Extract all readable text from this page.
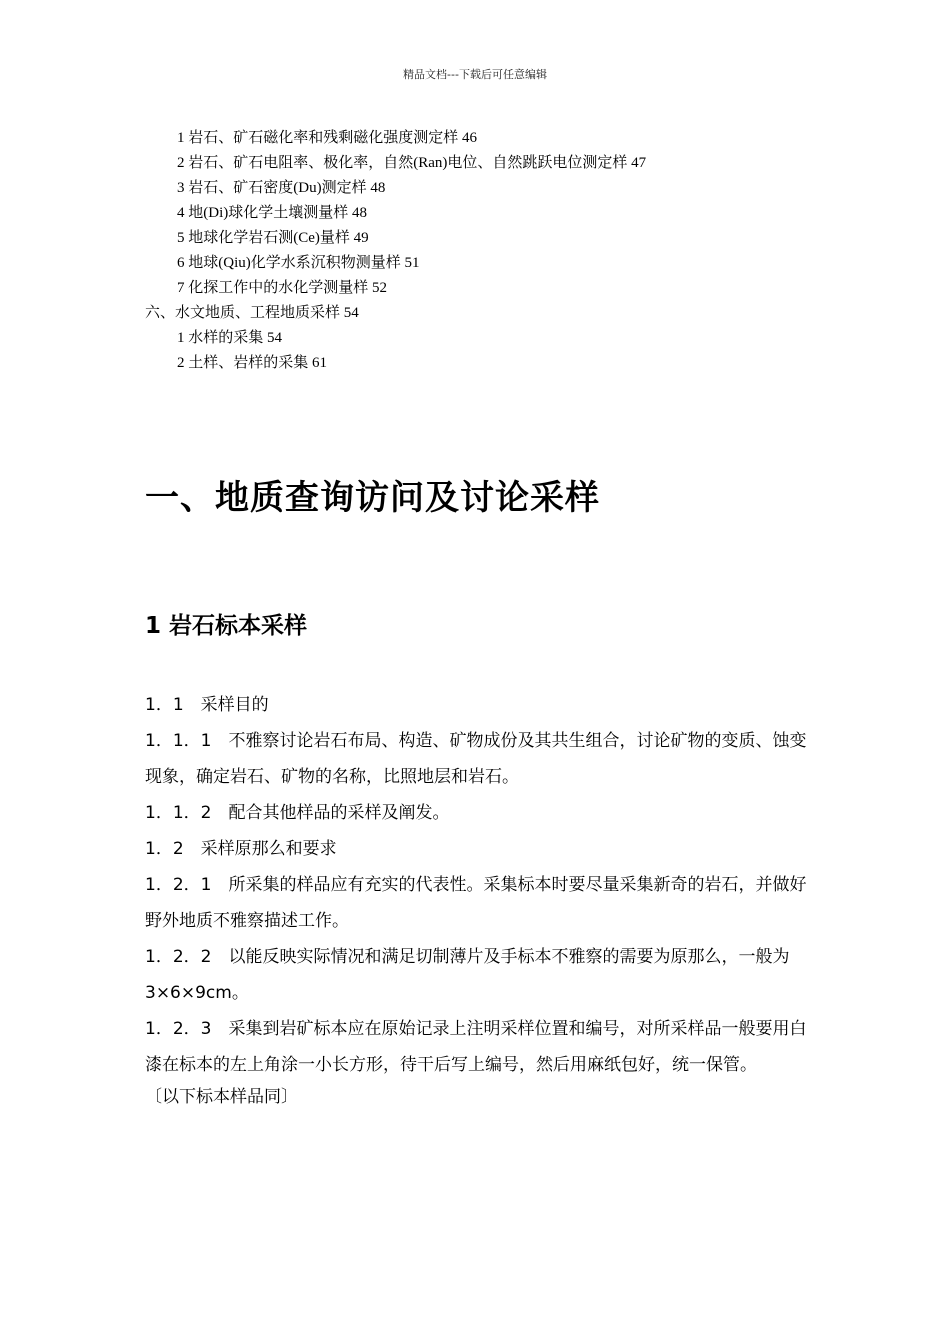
精品文档---下载后可任意编辑
1 岩石、矿石磁化率和残剩磁化强度测定样 46
2 岩石、矿石电阻率、极化率，自然(Ran)电位、自然跳跃电位测定样 47
3 岩石、矿石密度(Du)测定样 48
4 地(Di)球化学土壤测量样 48
5 地球化学岩石测(Ce)量样 49
6 地球(Qiu)化学水系沉积物测量样 51
7 化探工作中的水化学测量样 52
六、水文地质、工程地质采样 54
1 水样的采集 54
2 土样、岩样的采集 61
一、地质查询访问及讨论采样
1 岩石标本采样

1．1　采样目的

1．1．1　不雅察讨论岩石布局、构造、矿物成份及其共生组合，讨论矿物的变质、蚀变现象，确定岩石、矿物的名称，比照地层和岩石。

1．1．2　配合其他样品的采样及阐发。

1．2　采样原那么和要求

1．2．1　所采集的样品应有充实的代表性。采集标本时要尽量采集新奇的岩石，并做好野外地质不雅察描述工作。

1．2．2　以能反映实际情况和满足切制薄片及手标本不雅察的需要为原那么，一般为3×6×9cm。

1．2．3　采集到岩矿标本应在原始记录上注明采样位置和编号，对所采样品一般要用白漆在标本的左上角涂一小长方形，待干后写上编号，然后用麻纸包好，统一保管。

〔以下标本样品同〕
